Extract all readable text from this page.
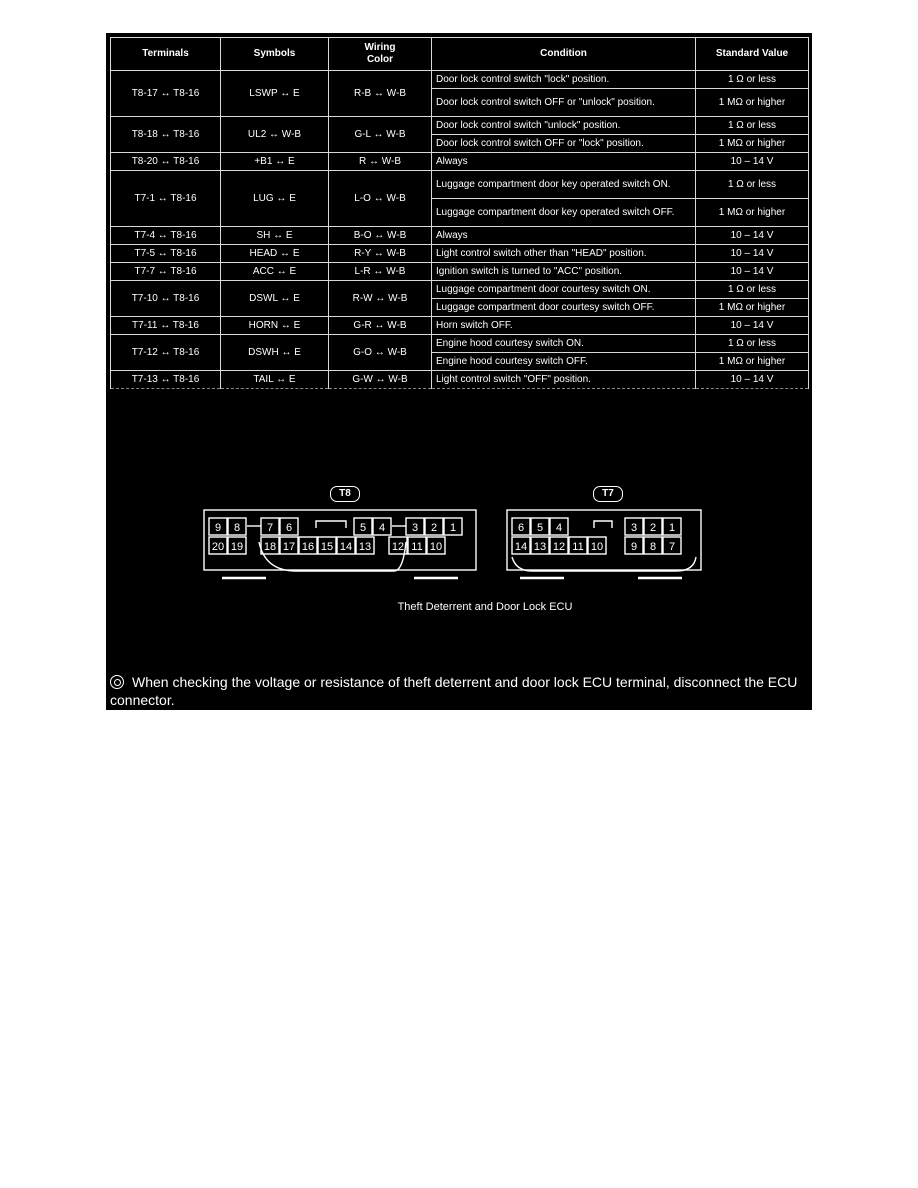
Terminals	Symbols	Wiring
Color	Condition	Standard Value
T8-17 ↔ T8-16	LSWP ↔ E	R-B ↔ W-B	Door lock control switch "lock" position.	1 Ω or less
			Door lock control switch OFF or "unlock" position.	1 MΩ or higher
T8-18 ↔ T8-16	UL2 ↔ W-B	G-L ↔ W-B	Door lock control switch "unlock" position.	1 Ω or less
			Door lock control switch OFF or "lock" position.	1 MΩ or higher
T8-20 ↔ T8-16	+B1 ↔ E	R ↔ W-B	Always	10 – 14 V
T7-1 ↔ T8-16	LUG ↔ E	L-O ↔ W-B	Luggage compartment door key operated switch ON.	1 Ω or less
			Luggage compartment door key operated switch OFF.	1 MΩ or higher
T7-4 ↔ T8-16	SH ↔ E	B-O ↔ W-B	Always	10 – 14 V
T7-5 ↔ T8-16	HEAD ↔ E	R-Y ↔ W-B	Light control switch other than "HEAD" position.	10 – 14 V
T7-7 ↔ T8-16	ACC ↔ E	L-R ↔ W-B	Ignition switch is turned to "ACC" position.	10 – 14 V
T7-10 ↔ T8-16	DSWL ↔ E	R-W ↔ W-B	Luggage compartment door courtesy switch ON.	1 Ω or less
			Luggage compartment door courtesy switch OFF.	1 MΩ or higher
T7-11 ↔ T8-16	HORN ↔ E	G-R ↔ W-B	Horn switch OFF.	10 – 14 V
T7-12 ↔ T8-16	DSWH ↔ E	G-O ↔ W-B	Engine hood courtesy switch ON.	1 Ω or less
			Engine hood courtesy switch OFF.	1 MΩ or higher
T7-13 ↔ T8-16	TAIL ↔ E	G-W ↔ W-B	Light control switch "OFF" position.	10 – 14 V
T8	T7
9 8 7 6	5 4 3 2 1
20 19 18 17 16 15 14 13 12 11 10
6 5 4	3 2 1
14 13 12 11 10	9 8 7
Theft Deterrent and Door Lock ECU
When checking the voltage or resistance of theft deterrent and door lock ECU terminal, disconnect the ECU connector.
